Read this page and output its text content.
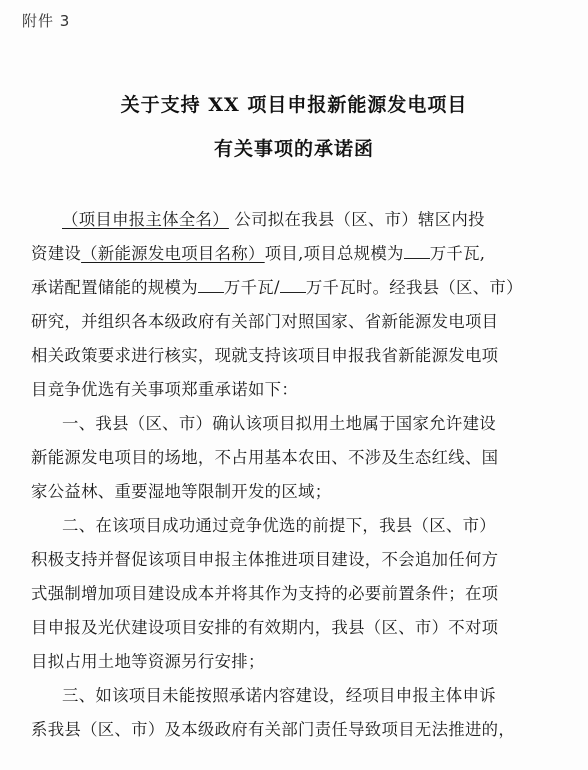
附件 3
关于支持 XX 项目申报新能源发电项目
有关事项的承诺函
（项目申报主体全名） 公司拟在我县（区、市）辖区内投
资建设（新能源发电项目名称）项目,项目总规模为 万千瓦,
承诺配置储能的规模为 万千瓦/ 万千瓦时。经我县（区、市）
研究，并组织各本级政府有关部门对照国家、省新能源发电项目
相关政策要求进行核实，现就支持该项目申报我省新能源发电项
目竞争优选有关事项郑重承诺如下：
一、我县（区、市）确认该项目拟用土地属于国家允许建设
新能源发电项目的场地，不占用基本农田、不涉及生态红线、国
家公益林、重要湿地等限制开发的区域；
二、在该项目成功通过竞争优选的前提下，我县（区、市）
积极支持并督促该项目申报主体推进项目建设，不会追加任何方
式强制增加项目建设成本并将其作为支持的必要前置条件；在项
目申报及光伏建设项目安排的有效期内，我县（区、市）不对项
目拟占用土地等资源另行安排；
三、如该项目未能按照承诺内容建设，经项目申报主体申诉
系我县（区、市）及本级政府有关部门责任导致项目无法推进的，
